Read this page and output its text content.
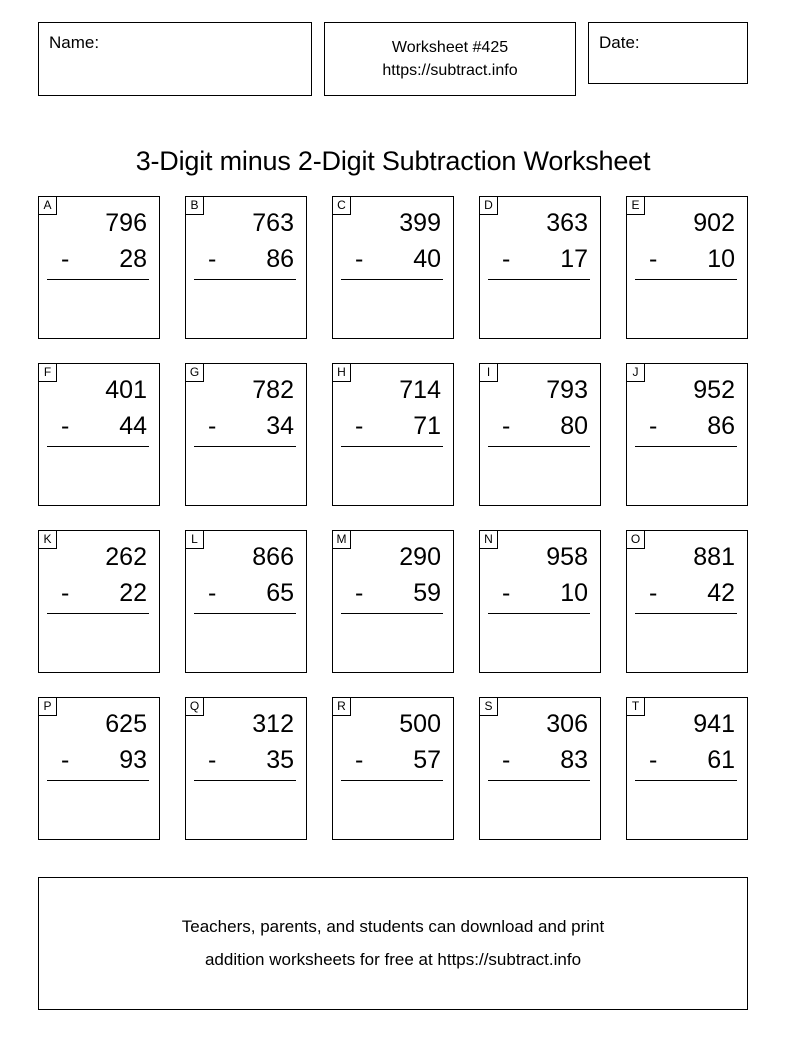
Name:	Worksheet #425
https://subtract.info
Date:
3-Digit minus 2-Digit Subtraction Worksheet
A
796
- 28
B
763
- 86
C
399
- 40
D
363
- 17
E
902
- 10
F
401
- 44
G
782
- 34
H
714
- 71
I
793
- 80
J
952
- 86
K
262
- 22
L
866
- 65
M
290
- 59
N
958
- 10
O
881
- 42
P
625
- 93
Q
312
- 35
R
500
- 57
S
306
- 83
T
941
- 61
Teachers, parents, and students can download and print
addition worksheets for free at https://subtract.info
